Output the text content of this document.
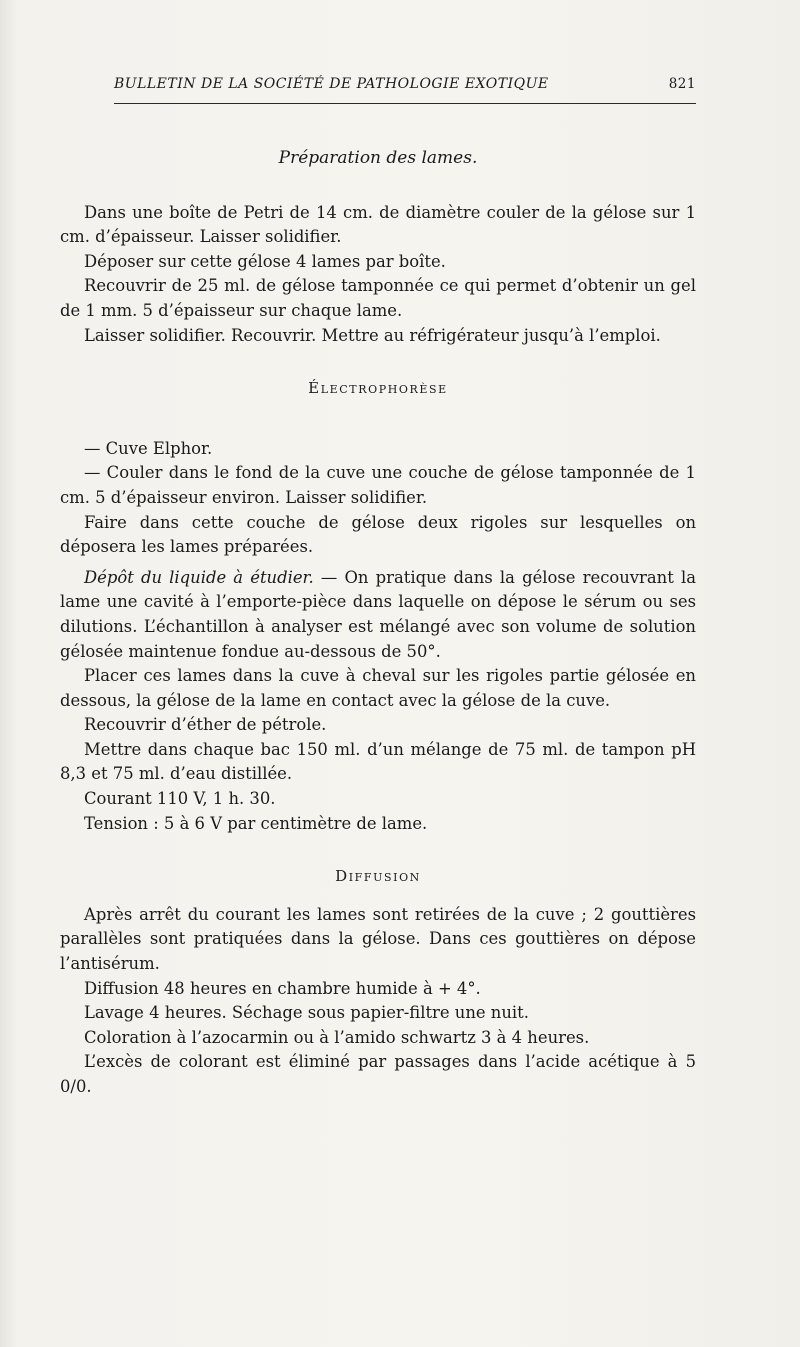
BULLETIN DE LA SOCIÉTÉ DE PATHOLOGIE EXOTIQUE	821

Préparation des lames.

Dans une boîte de Petri de 14 cm. de diamètre couler de la gélose sur 1 cm. d’épaisseur. Laisser solidifier.

Déposer sur cette gélose 4 lames par boîte.

Recouvrir de 25 ml. de gélose tamponnée ce qui permet d’obtenir un gel de 1 mm. 5 d’épaisseur sur chaque lame.

Laisser solidifier. Recouvrir. Mettre au réfrigérateur jusqu’à l’emploi.

Électrophorèse

— Cuve Elphor.

— Couler dans le fond de la cuve une couche de gélose tamponnée de 1 cm. 5 d’épaisseur environ. Laisser solidifier.

Faire dans cette couche de gélose deux rigoles sur lesquelles on déposera les lames préparées.

Dépôt du liquide à étudier. — On pratique dans la gélose recouvrant la lame une cavité à l’emporte-pièce dans laquelle on dépose le sérum ou ses dilutions. L’échantillon à analyser est mélangé avec son volume de solution gélosée maintenue fondue au-dessous de 50°.

Placer ces lames dans la cuve à cheval sur les rigoles partie gélosée en dessous, la gélose de la lame en contact avec la gélose de la cuve.

Recouvrir d’éther de pétrole.

Mettre dans chaque bac 150 ml. d’un mélange de 75 ml. de tampon pH 8,3 et 75 ml. d’eau distillée.

Courant 110 V, 1 h. 30.

Tension : 5 à 6 V par centimètre de lame.

Diffusion

Après arrêt du courant les lames sont retirées de la cuve ; 2 gouttières parallèles sont pratiquées dans la gélose. Dans ces gouttières on dépose l’antisérum.

Diffusion 48 heures en chambre humide à + 4°.

Lavage 4 heures. Séchage sous papier-filtre une nuit.

Coloration à l’azocarmin ou à l’amido schwartz 3 à 4 heures.

L’excès de colorant est éliminé par passages dans l’acide acétique à 5 0/0.
